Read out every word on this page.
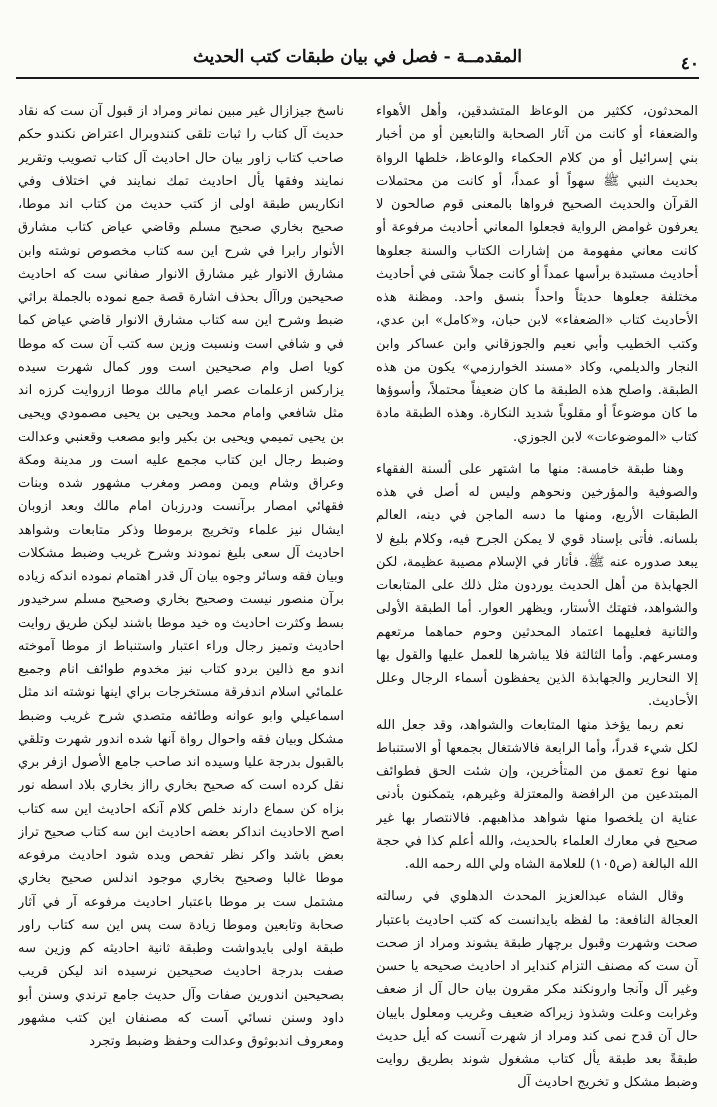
٤٠
المقدمــة - فصل في بيان طبقات كتب الحديث

المحدثون، ككثير من الوعاظ المتشدقين، وأهل الأهواء والضعفاء أو كانت من آثار الصحابة والتابعين أو من أخبار بني إسرائيل أو من كلام الحكماء والوعاظ، خلطها الرواة بحديث النبي ﷺ سهواً أو عمداً، أو كانت من محتملات القرآن والحديث الصحيح فرواها بالمعنى قوم صالحون لا يعرفون غوامض الرواية فجعلوا المعاني أحاديث مرفوعة أو كانت معاني مفهومة من إشارات الكتاب والسنة جعلوها أحاديث مستبدة برأسها عمداً أو كانت جملاً شتى في أحاديث مختلفة جعلوها حديثاً واحداً بنسق واحد. ومظنة هذه الأحاديث كتاب «الضعفاء» لابن حبان، و«كامل» ابن عدي، وكتب الخطيب وأبي نعيم والجوزقاني وابن عساكر وابن النجار والديلمي، وكاد «مسند الخوارزمي» يكون من هذه الطبقة. واصلح هذه الطبقة ما كان ضعيفاً محتملاً، وأسوؤها ما كان موضوعاً أو مقلوباً شديد النكارة. وهذه الطبقة مادة كتاب «الموضوعات» لابن الجوزي.

وهنا طبقة خامسة: منها ما اشتهر على ألسنة الفقهاء والصوفية والمؤرخين ونحوهم وليس له أصل في هذه الطبقات الأربع، ومنها ما دسه الماجن في دينه، العالم بلسانه. فأتى بإسناد قوي لا يمكن الجرح فيه، وكلام بليغ لا يبعد صدوره عنه ﷺ. فأثار في الإسلام مصيبة عظيمة، لكن الجهابذة من أهل الحديث يوردون مثل ذلك على المتابعات والشواهد، فتهتك الأستار، ويظهر العوار. أما الطبقة الأولى والثانية فعليهما اعتماد المحدثين وحوم حماهما مرتعهم ومسرعهم. وأما الثالثة فلا يباشرها للعمل عليها والقول بها إلا النحارير والجهابذة الذين يحفظون أسماء الرجال وعلل الأحاديث.

نعم ربما يؤخذ منها المتابعات والشواهد، وقد جعل الله لكل شيء قدراً، وأما الرابعة فالاشتغال بجمعها أو الاستنباط منها نوع تعمق من المتأخرين، وإن شئت الحق فطوائف المبتدعين من الرافضة والمعتزلة وغيرهم، يتمكنون بأدنى عناية ان يلخصوا منها شواهد مذاهبهم. فالانتصار بها غير صحيح في معارك العلماء بالحديث، والله أعلم كذا في حجة الله البالغة (ص١٠٥) للعلامة الشاه ولي الله رحمه الله.

وقال الشاه عبدالعزيز المحدث الدهلوي في رسالته العجالة النافعة: ما لفظه بايدانست كه كتب احاديث باعتبار صحت وشهرت وقبول برچهار طبقة يشوند ومراد از صحت آن ست كه مصنف التزام كنداير اد احاديث صحيحه يا حسن وغير آل وآنجا وارونكند مكر مقرون بيان حال آل از ضعف وغرابت وعلت وشذوذ زيراكه ضعيف وغريب ومعلول باييان حال آن قدح نمى كند ومراد از شهرت آنست كه أيل حديث طبقةً بعد طبقة يأل كتاب مشغول شوند بطريق روايت وضبط مشكل و تخريج احاديث آل

ناسخ جيزازال غير مبين نمانر ومراد از قبول آن ست كه نقاد حديث آل كتاب را ثبات تلقى كنندوبرال اعتراض نكندو حكم صاحب كتاب زاور بيان حال احاديث آل كتاب تصويب وتقرير نمايند وفقها يأل احاديث تمك نمايند في اختلاف وفي انكاريس طبقة اولى از كتب حديث من كتاب اند موطا، صحيح بخاري صحيح مسلم وقاضي عياض كتاب مشارق الأنوار رابرا في شرح اين سه كتاب مخصوص نوشته وابن مشارق الانوار غير مشارق الانوار صفاني ست كه احاديث صحيحين وراآل بحذف اشارة قصة جمع نموده بالجملة براثي ضبط وشرح اين سه كتاب مشارق الانوار قاضي عياض كما في و شافي است ونسبت وزين سه كتب آن ست كه موطا كويا اصل وام صحيحين است وور كمال شهرت سيده يزاركس ازعلمات عصر ايام مالك موطا ازروايت كرزه اند مثل شافعي وامام محمد ويحيى بن يحيى مصمودي ويحيى بن يحيى تميمي ويحيى بن بكير وابو مصعب وقعنبي وعدالت وضبط رجال اين كتاب مجمع عليه است ور مدينة ومكة وعراق وشام ويمن ومصر ومغرب مشهور شده وبنات فقهائي امصار برآنست ودرزبان امام مالك وبعد ازوبان ايشال نيز علماء وتخريج برموطا وذكر متابعات وشواهد احاديث آل سعى بليغ نمودند وشرح غريب وضبط مشكلات وبيان فقه وسائر وجوه بيان آل قدر اهتمام نموده اندكه زياده برآن منصور نيست وصحيح بخاري وصحيح مسلم سرخيدور بسط وكثرت احاديث وه خيد موطا باشند ليكن طريق روايت احاديث وتميز رجال وراء اعتبار واستنباط از موطا آموخته اندو مع ذالين بردو كتاب نيز مخدوم طوائف انام وجميع علمائي اسلام اندفرقة مستخرجات براي اينها نوشته اند مثل اسماعيلي وابو عوانه وطائفه متصدي شرح غريب وضبط مشكل وبيان فقه واحوال رواة آنها شده اندور شهرت وتلقي بالقبول بدرجة عليا وسيده اند صاحب جامع الأصول ازفر بري نقل كرده است كه صحيح بخاري رااز بخاري بلاد اسطه نور بزاه كن سماع دارند خلص كلام آنكه احاديث اين سه كتاب اصح الاحاديث انداكر بعضه احاديث ابن سه كتاب صحيح تراز بعض باشد واكر نظر تفحص ويده شود احاديث مرفوعه موطا غالبا وصحيح بخاري موجود اندلس صحيح بخاري مشتمل ست بر موطا باعتبار احاديث مرفوعه آر في آثار صحابة وتابعين وموطا زيادة ست پس اين سه كتاب راور طبقة اولى بايدواشت وطبقة ثانية احاديثه كم وزين سه صفت بدرجة احاديث صحيحين نرسيده اند ليكن قريب بصحيحين اندورين صفات وآل حديث جامع ترندي وسنن أبو داود وسنن نسائي آست كه مصنفان اين كتب مشهور ومعروف اندبوثوق وعدالت وحفظ وضبط وتجرد
